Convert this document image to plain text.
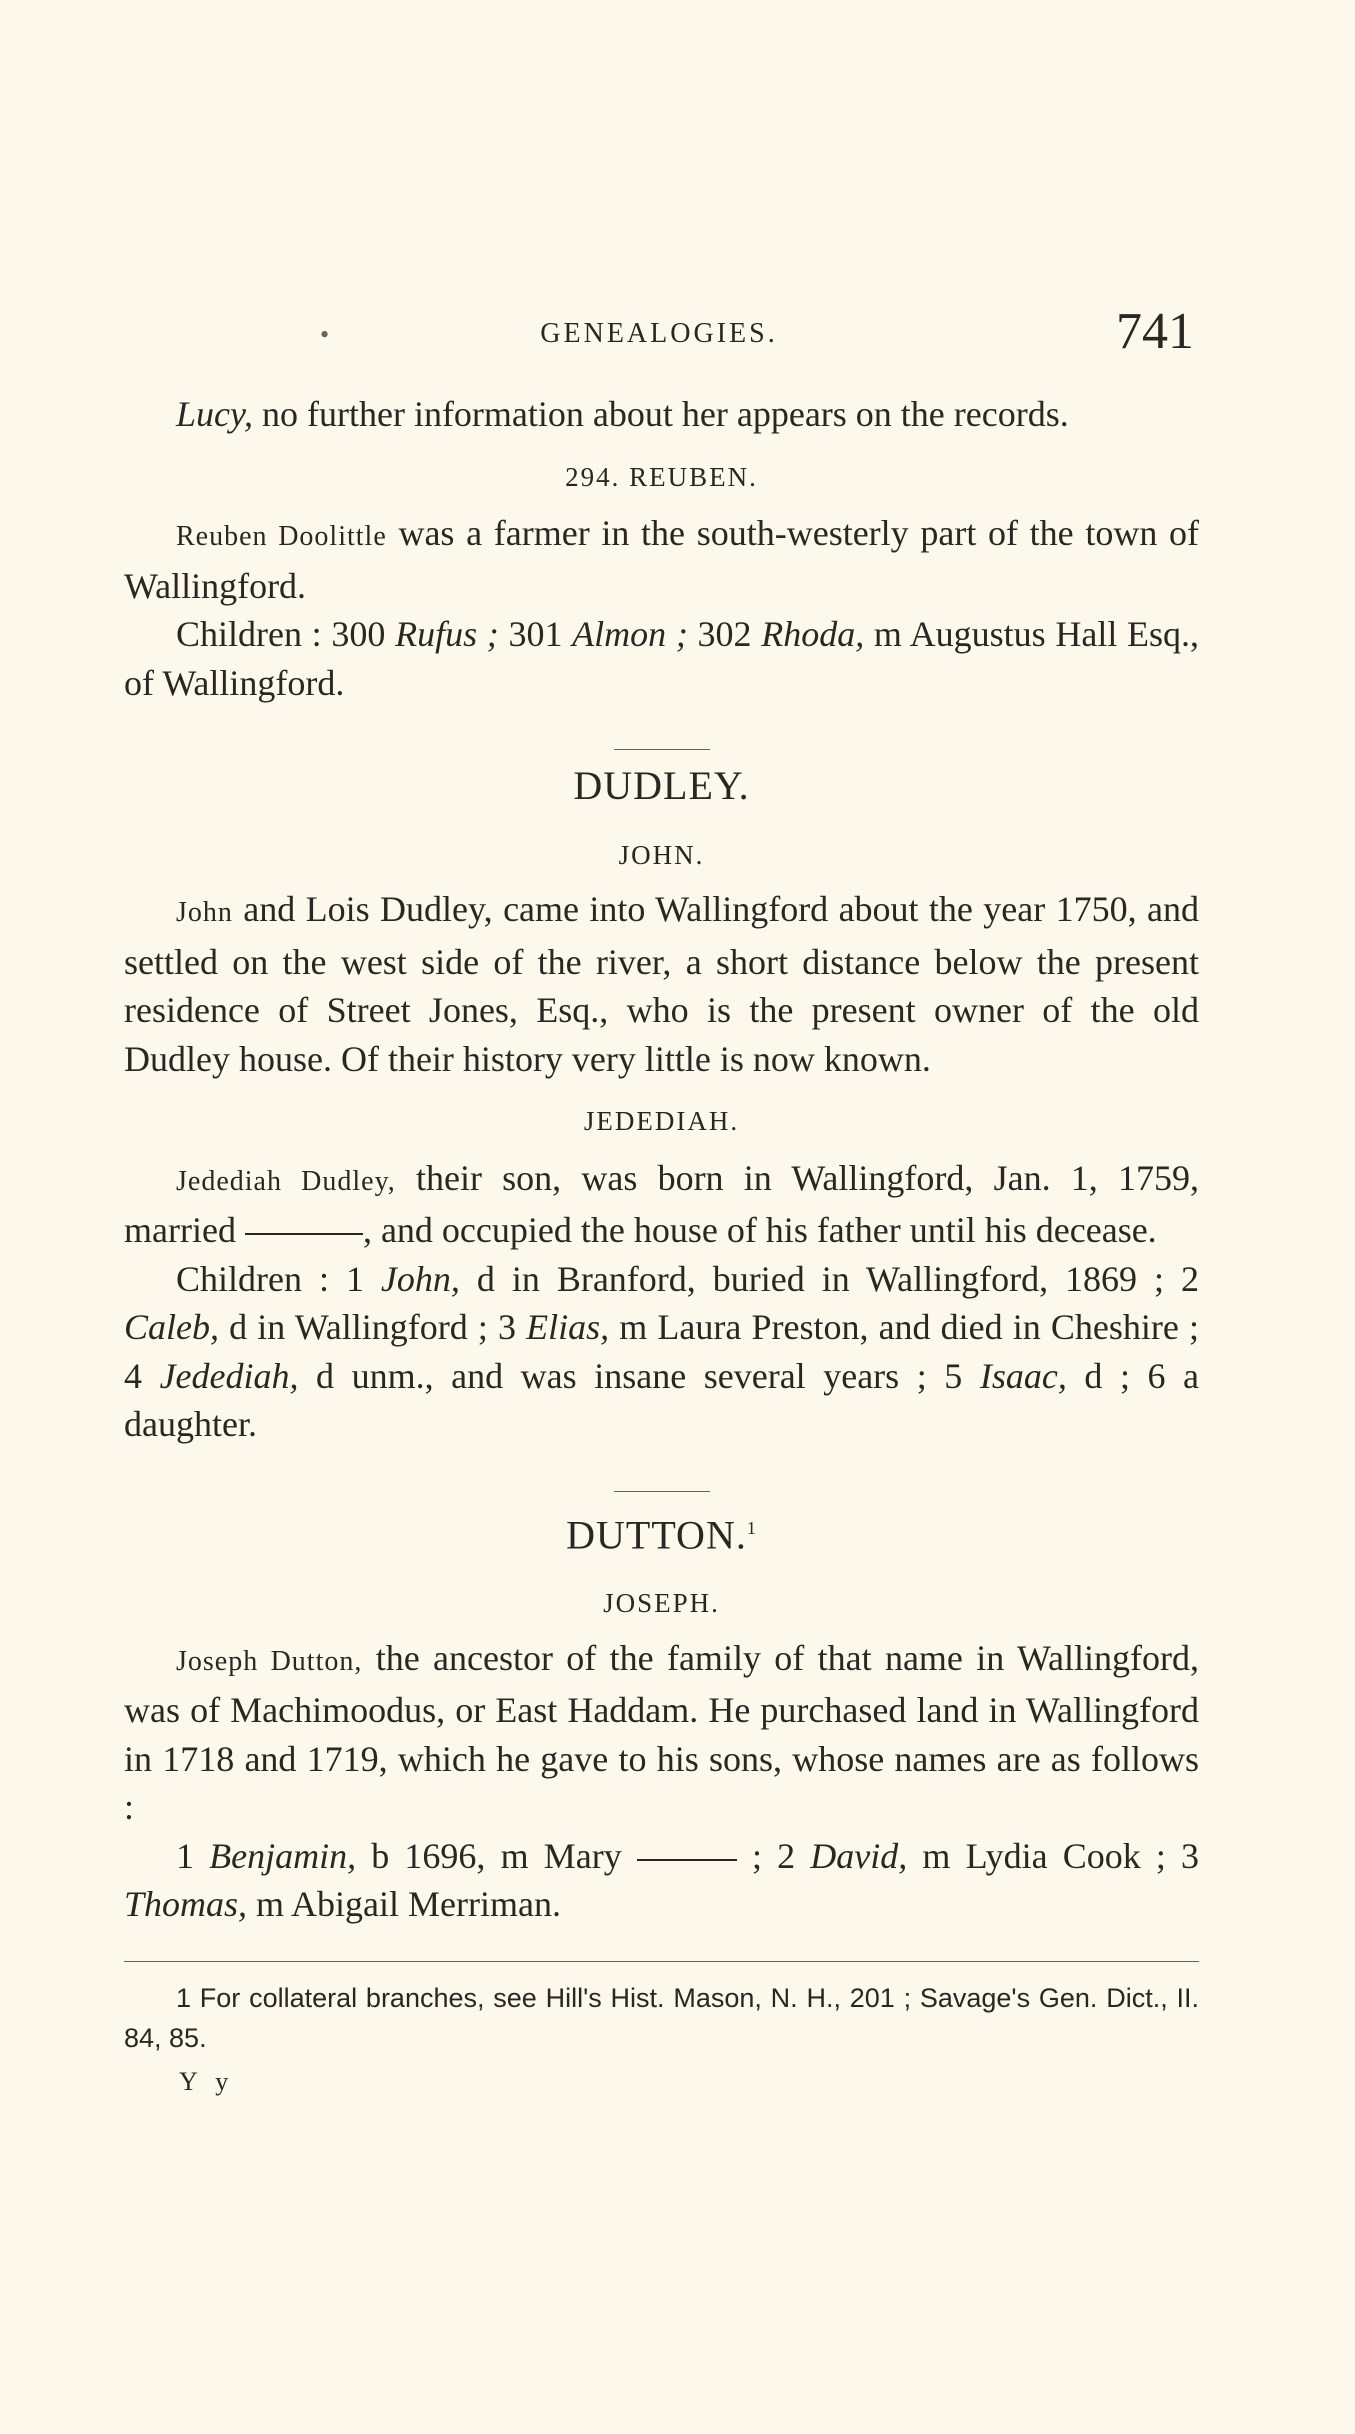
•	GENEALOGIES.	741

Lucy, no further information about her appears on the records.

294. REUBEN.

Reuben Doolittle was a farmer in the south-westerly part of the town of Wallingford.

Children : 300 Rufus ; 301 Almon ; 302 Rhoda, m Augustus Hall Esq., of Wallingford.

DUDLEY.
JOHN.

John and Lois Dudley, came into Wallingford about the year 1750, and settled on the west side of the river, a short distance below the present residence of Street Jones, Esq., who is the present owner of the old Dudley house. Of their history very little is now known.

JEDEDIAH.

Jedediah Dudley, their son, was born in Wallingford, Jan. 1, 1759, married	, and occupied the house of his father until his decease.

Children : 1 John, d in Branford, buried in Wallingford, 1869 ; 2 Caleb, d in Wallingford ; 3 Elias, m Laura Preston, and died in Cheshire ; 4 Jedediah, d unm., and was insane several years ; 5 Isaac, d ; 6 a daughter.

DUTTON.$^1$
JOSEPH.

Joseph Dutton, the ancestor of the family of that name in Wallingford, was of Machimoodus, or East Haddam. He purchased land in Wallingford in 1718 and 1719, which he gave to his sons, whose names are as follows :

1 Benjamin, b 1696, m Mary	; 2 David, m Lydia Cook ; 3 Thomas, m Abigail Merriman.

1 For collateral branches, see Hill's Hist. Mason, N. H., 201 ; Savage's Gen. Dict., II. 84, 85.

Y y
